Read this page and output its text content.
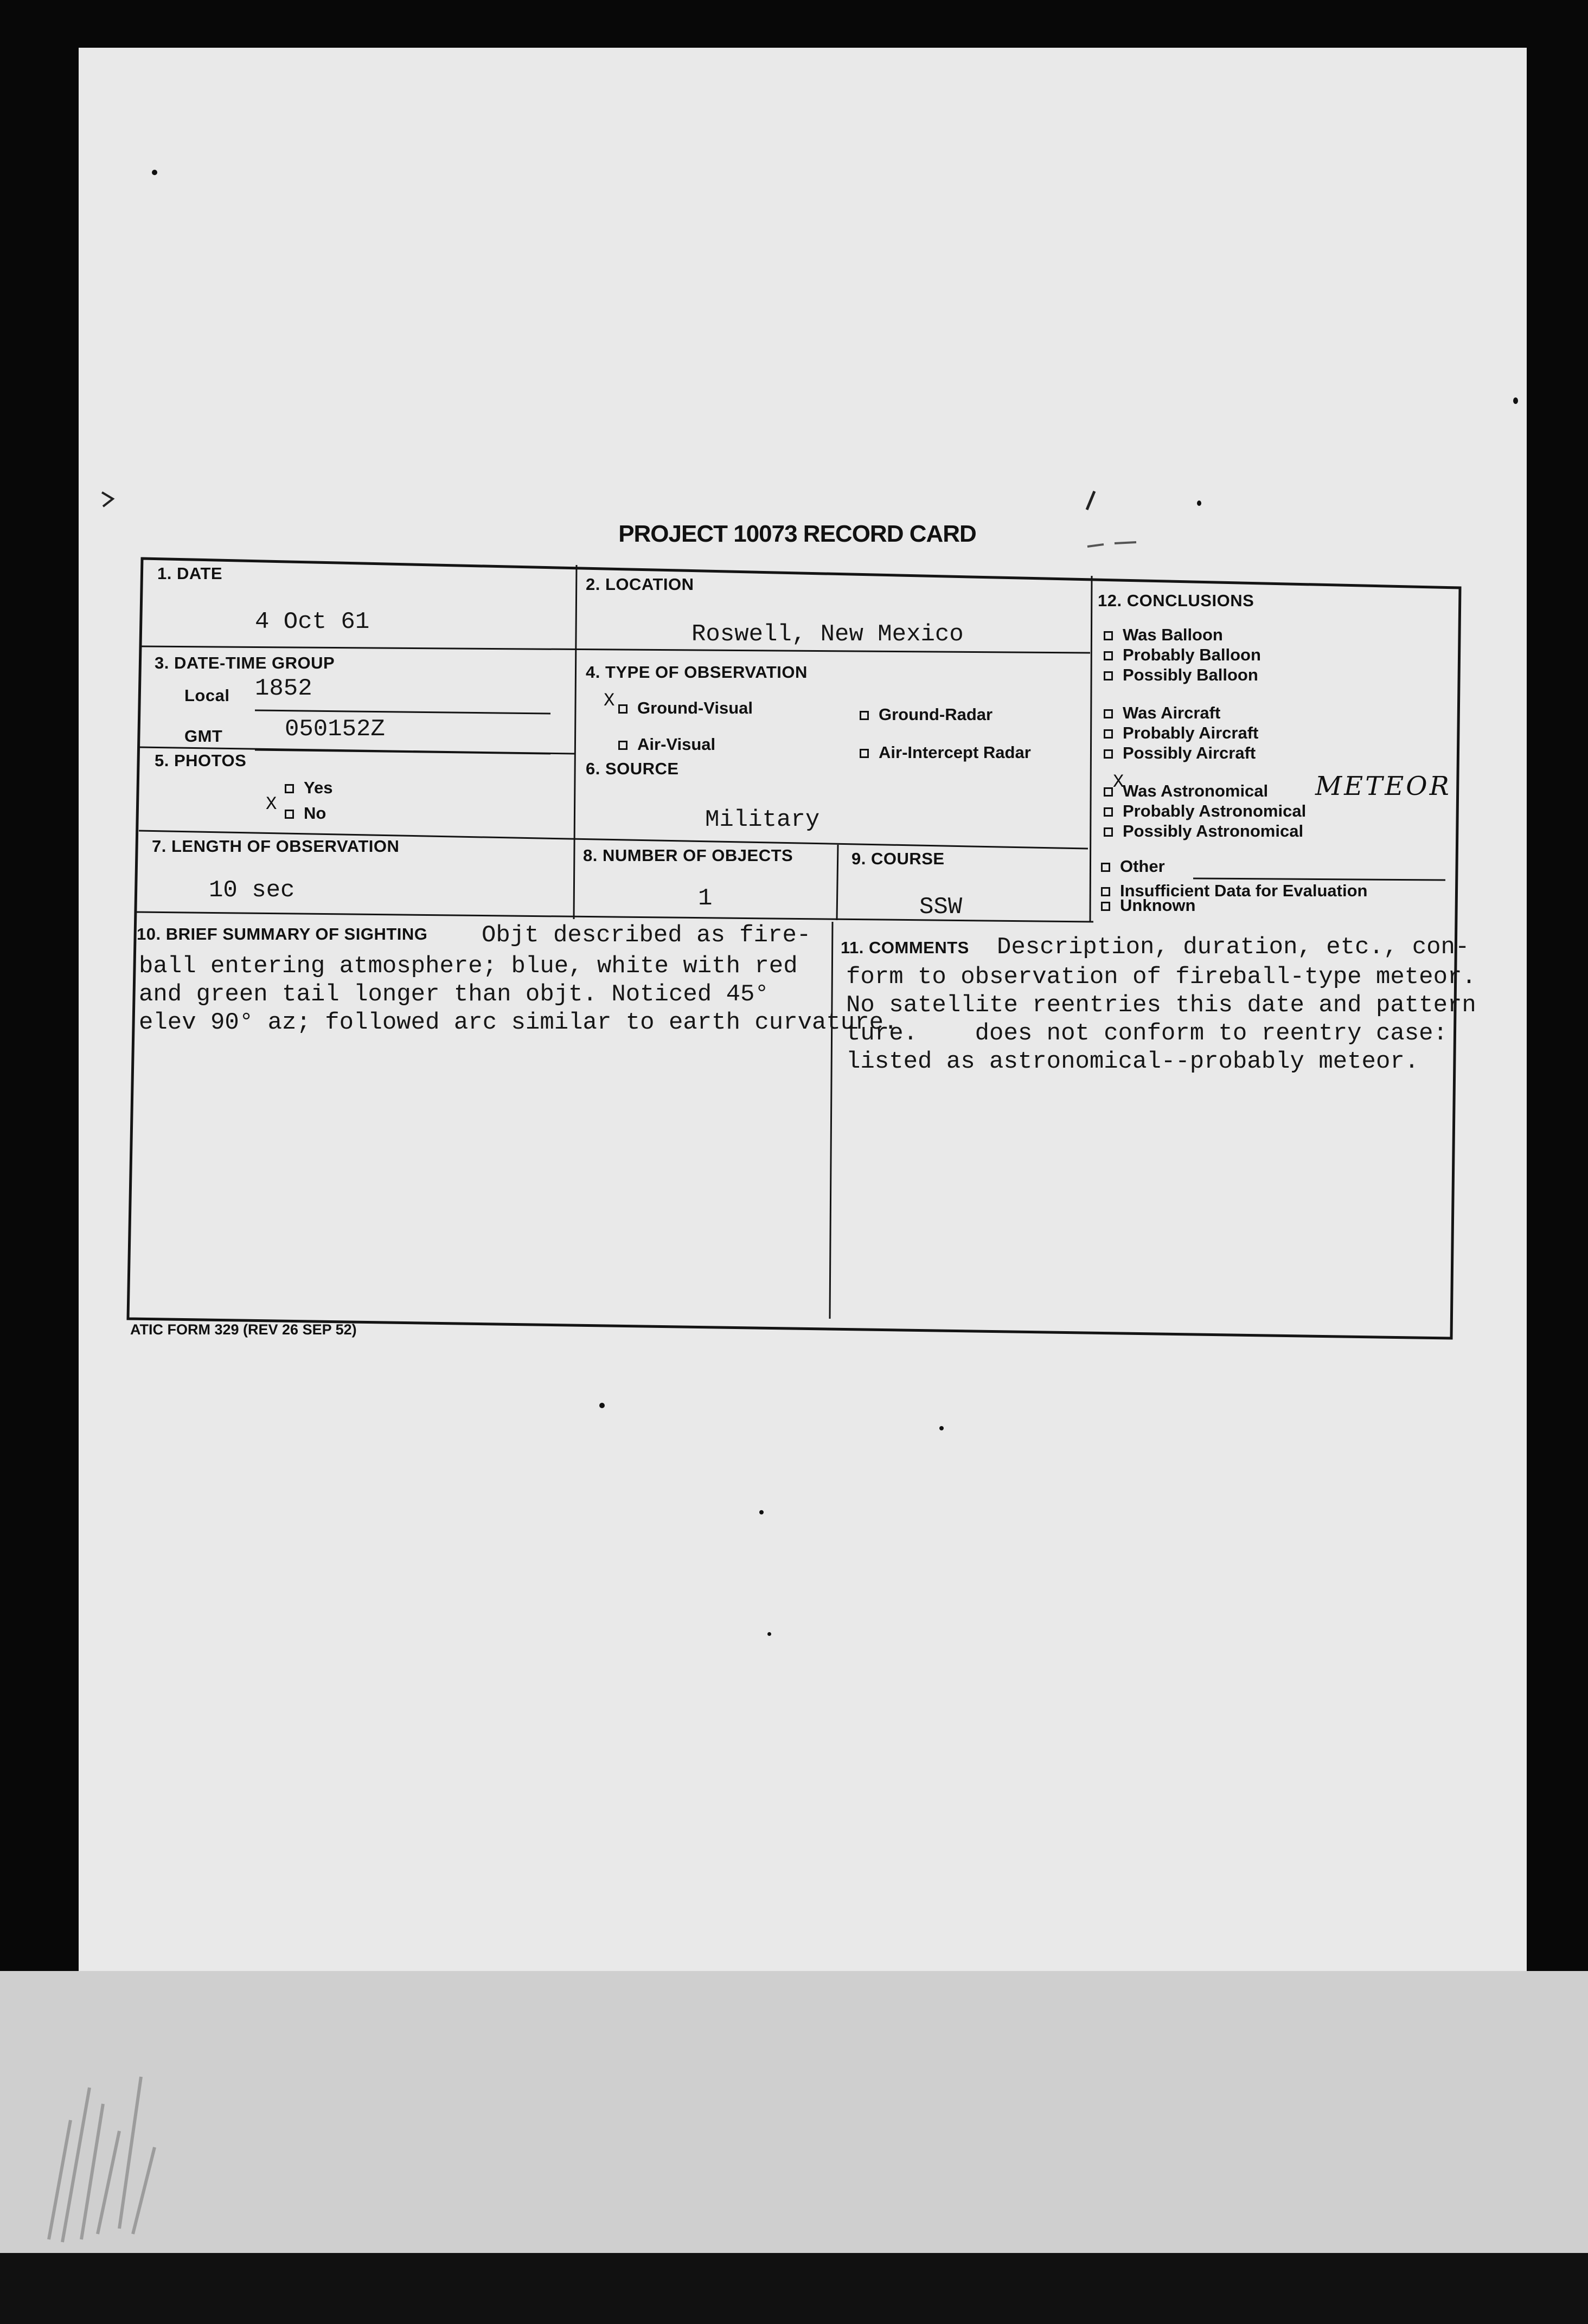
PROJECT 10073 RECORD CARD
1. DATE
4 Oct 61
2. LOCATION
Roswell, New Mexico
3. DATE-TIME GROUP
Local 1852
GMT	050152Z
4. TYPE OF OBSERVATION
X	Ground-Visual	Ground-Radar
Air-Visual	Air-Intercept Radar
5. PHOTOS
Yes
X	No
6. SOURCE
Military
7. LENGTH OF OBSERVATION
10 sec
8. NUMBER OF OBJECTS
1
9. COURSE
SSW
10. BRIEF SUMMARY OF SIGHTING Objt described as fire-
ball entering atmosphere; blue, white with red
and green tail longer than objt. Noticed 45°
elev 90° az; followed arc similar to earth curvature.
11. COMMENTS Description, duration, etc., con-
form to observation of fireball-type meteor.
No satellite reentries this date and pattern
ture.    does not conform to reentry case:
listed as astronomical--probably meteor.
12. CONCLUSIONS
Was Balloon
Probably Balloon
Possibly Balloon
Was Aircraft
Probably Aircraft
Possibly Aircraft
X
Was Astronomical METEOR
Probably Astronomical
Possibly Astronomical
Other
Insufficient Data for Evaluation
Unknown
ATIC FORM 329 (REV 26 SEP 52)
